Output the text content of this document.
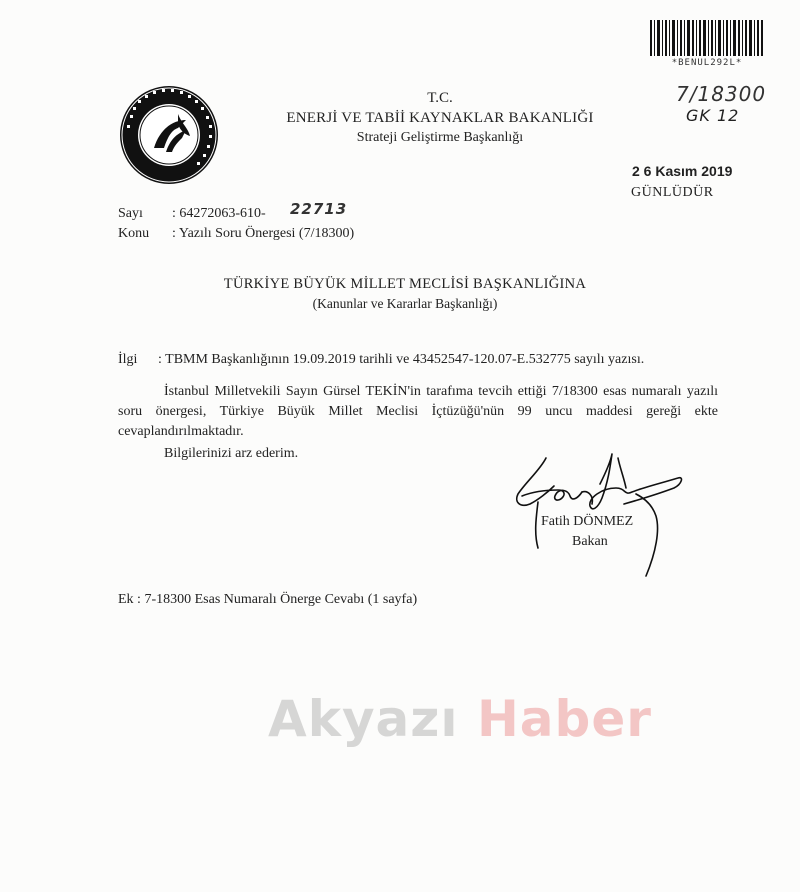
*BENUL292L*
7/18300
GK 12
T.C.
ENERJİ VE TABİİ KAYNAKLAR BAKANLIĞI
Strateji Geliştirme Başkanlığı
2 6 Kasım 2019
GÜNLÜDÜR
Sayı : 64272063-610- 22713
Konu : Yazılı Soru Önergesi (7/18300)
TÜRKİYE BÜYÜK MİLLET MECLİSİ BAŞKANLIĞINA
(Kanunlar ve Kararlar Başkanlığı)
İlgi : TBMM Başkanlığının 19.09.2019 tarihli ve 43452547-120.07-E.532775 sayılı yazısı.
İstanbul Milletvekili Sayın Gürsel TEKİN'in tarafıma tevcih ettiği 7/18300 esas numaralı yazılı soru önergesi, Türkiye Büyük Millet Meclisi İçtüzüğü'nün 99 uncu maddesi gereği ekte cevaplandırılmaktadır.
Bilgilerinizi arz ederim.
Fatih DÖNMEZ
Bakan
Ek : 7-18300 Esas Numaralı Önerge Cevabı (1 sayfa)
Akyazı Haber
